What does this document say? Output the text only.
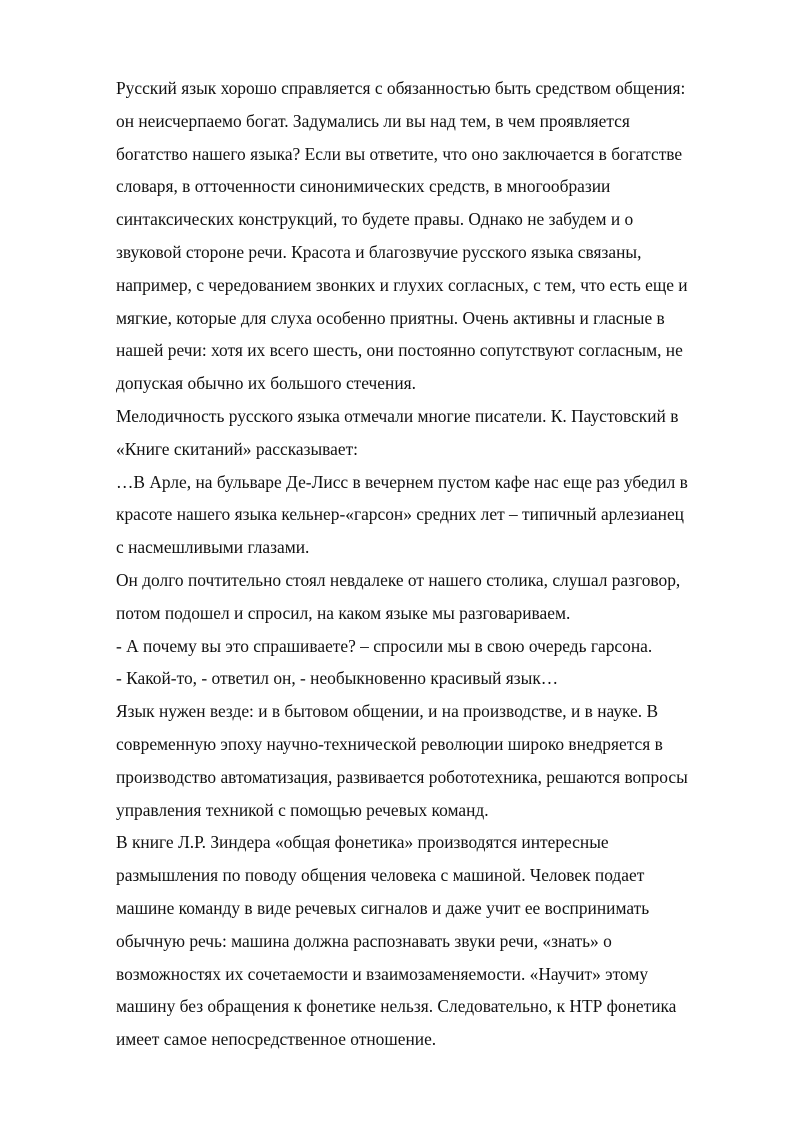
Русский язык хорошо справляется с обязанностью быть средством общения:
он неисчерпаемо богат. Задумались ли вы над тем, в чем проявляется
богатство нашего языка? Если вы ответите, что оно заключается в богатстве
словаря, в отточенности синонимических средств, в многообразии
синтаксических конструкций, то будете правы. Однако не забудем и о
звуковой стороне речи. Красота и благозвучие русского языка связаны,
например, с чередованием звонких и глухих согласных, с тем, что есть еще и
мягкие, которые для слуха особенно приятны. Очень активны и гласные в
нашей речи: хотя их всего шесть, они постоянно сопутствуют согласным, не
допуская обычно их большого стечения.
Мелодичность русского языка отмечали многие писатели. К. Паустовский в
«Книге скитаний» рассказывает:
…В Арле, на бульваре Де-Лисс в вечернем пустом кафе нас еще раз убедил в
красоте нашего языка кельнер-«гарсон» средних лет – типичный арлезианец
с насмешливыми глазами.
Он долго почтительно стоял невдалеке от нашего столика, слушал разговор,
потом подошел и спросил, на каком языке мы разговариваем.
- А почему вы это спрашиваете? – спросили мы в свою очередь гарсона.
- Какой-то, - ответил он, - необыкновенно красивый язык…
Язык нужен везде: и в бытовом общении, и на производстве, и в науке. В
современную эпоху научно-технической революции широко внедряется в
производство автоматизация, развивается робототехника, решаются вопросы
управления техникой с помощью речевых команд.
В книге Л.Р. Зиндера «общая фонетика» производятся интересные
размышления по поводу общения человека с машиной. Человек подает
машине команду в виде речевых сигналов и даже учит ее воспринимать
обычную речь: машина должна распознавать звуки речи, «знать» о
возможностях их сочетаемости и взаимозаменяемости. «Научит» этому
машину без обращения к фонетике нельзя. Следовательно, к НТР фонетика
имеет самое непосредственное отношение.
